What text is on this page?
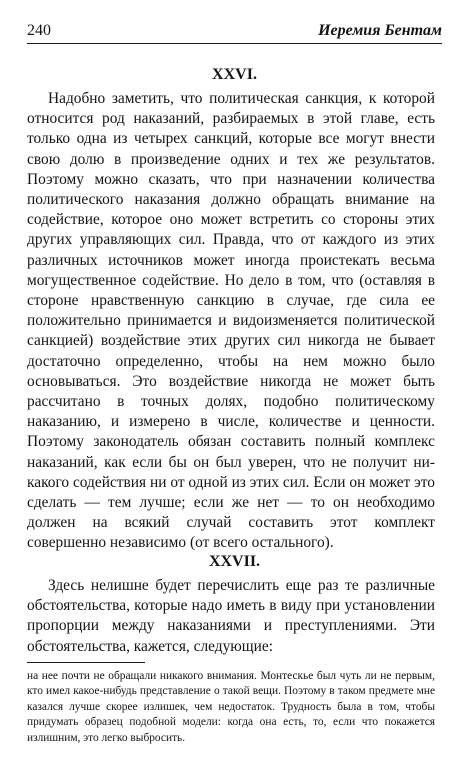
240	Иеремия Бентам
XXVI.

Надобно заметить, что политическая санкция, к которой относится род наказаний, разбираемых в этой главе, есть только одна из четырех санкций, которые все могут внести свою долю в произведение одних и тех же результатов. Поэтому можно сказать, что при назначении количества политического наказания должно обращать внимание на содействие, которое оно может встретить со стороны этих других управляющих сил. Правда, что от каждого из этих различных источников может иногда проистекать весьма могущественное содействие. Но дело в том, что (оставляя в стороне нравственную санкцию в случае, где сила ее положительно принимается и видоизменяется политической санкцией) воздействие этих других сил никогда не бывает достаточно определенно, чтобы на нем можно было основываться. Это воздействие никогда не может быть рассчитано в точных долях, подобно политическому наказанию, и измерено в числе, количестве и ценности. Поэтому законодатель обязан составить полный комплекс наказаний, как если бы он был уверен, что не получит никакого содействия ни от одной из этих сил. Если он может это сделать — тем лучше; если же нет — то он необходимо должен на всякий случай составить этот комплект совершенно независимо (от всего остального).

XXVII.

Здесь нелишне будет перечислить еще раз те различные обстоятельства, которые надо иметь в виду при установлении пропорции между наказаниями и преступлениями. Эти обстоятельства, кажется, следующие:

на нее почти не обращали никакого внимания. Монтескье был чуть ли не первым, кто имел какое-нибудь представление о такой вещи. Поэтому в таком предмете мне казался лучше скорее излишек, чем недостаток. Трудность была в том, чтобы придумать образец подобной модели: когда она есть, то, если что покажется излишним, это легко выбросить.
